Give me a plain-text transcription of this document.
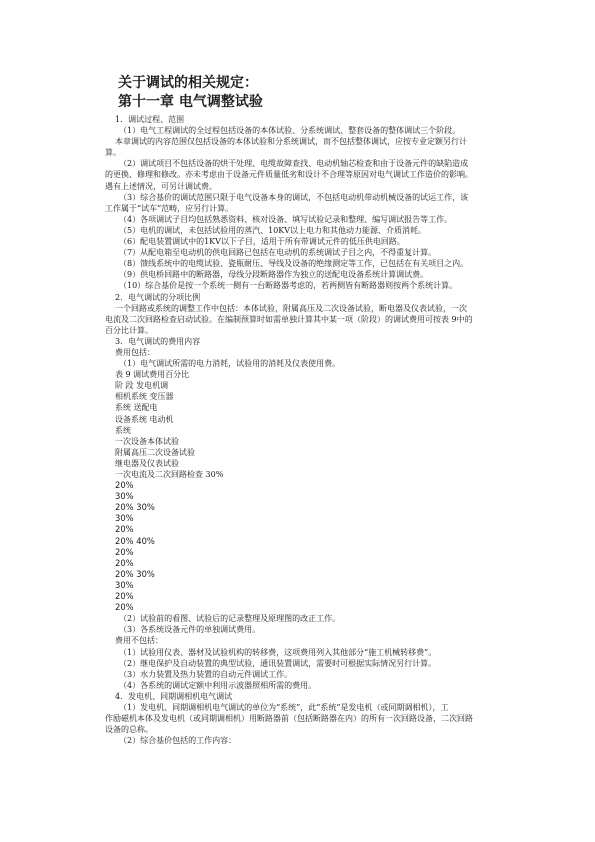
关于调试的相关规定：
第十一章 电气调整试验
1．调试过程、范围
（1）电气工程调试的全过程包括设备的本体试验、分系统调试、整套设备的整体调试三个阶段。
本章调试的内容范围仅包括设备的本体试验和分系统调试，而不包括整体调试，应按专业定额另行计
算。
（2）调试项目不包括设备的烘干处理、电缆故障查找、电动机轴芯检查和由于设备元件的缺陷造成
的更换、修理和修改。亦未考虑由于设备元件质量低劣和设计不合理等原因对电气调试工作造价的影响。
遇有上述情况，可另计调试费。
（3）综合基价的调试范围只限于电气设备本身的调试，不包括电动机带动机械设备的试运工作，该
工作属于“试车”范畴，应另行计算。
（4）各项调试子目均包括熟悉资料、核对设备、填写试验记录和整理、编写调试报告等工作。
（5）电机的调试，未包括试验用的蒸汽、10KV以上电力和其他动力能源、介质消耗。
（6）配电装置调试中的1KV以下子目，适用于所有带调试元件的低压供电回路。
（7）从配电箱至电动机的供电回路已包括在电动机的系统调试子目之内，不得重复计算。
（8）馈线系统中的电缆试验、瓷瓶耐压、导线及设备的绝缘测定等工作，已包括在有关项目之内。
（9）供电桥回路中的断路器，母线分段断路器作为独立的送配电设备系统计算调试费。
（10）综合基价是按一个系统一侧有一台断路器考虑的，若两侧皆有断路器则按两个系统计算。
2．电气调试的分项比例
一个回路或系统的调整工作中包括：本体试验，附属高压及二次设备试验，断电器及仪表试验，一次
电流及二次回路检查启动试验。在编制预算时如需单独计算其中某一项（阶段）的调试费用可按表 9中的
百分比计算。
3．电气调试的费用内容
费用包括：
（1）电气调试所需的电力消耗，试验用的消耗及仪表使用费。
表 9 调试费用百分比
阶 段 发电机调
相机系统 变压器
系统 送配电
设备系统 电动机
系统
一次设备本体试验
附属高压二次设备试验
继电器及仪表试验
一次电流及二次回路检查 30%
20%
30%
20% 30%
30%
20%
20% 40%
20%
20%
20% 30%
30%
20%
20%
（2）试验前的看图、试验后的记录整理及原理图的改正工作。
（3）各系统设备元件的单独调试费用。
费用不包括：
（1）试验用仪表、器材及试验机构的转移费，这项费用列入其他部分“施工机械转移费”。
（2）继电保护及自动装置的典型试验，通讯装置调试，需要时可根据实际情况另行计算。
（3）水力装置及热力装置的自动元件调试工作。
（4）各系统的调试定额中利用示波器照相所需的费用。
4．发电机、同期调相机电气调试
（1）发电机、同期调相机电气调试的单位为“系统”，此“系统”是发电机（或同期调相机），工
作励磁机本体及发电机（或同期调相机）用断路器前（包括断路器在内）的所有一次回路设备，二次回路
设备的总称。
（2）综合基价包括的工作内容：
